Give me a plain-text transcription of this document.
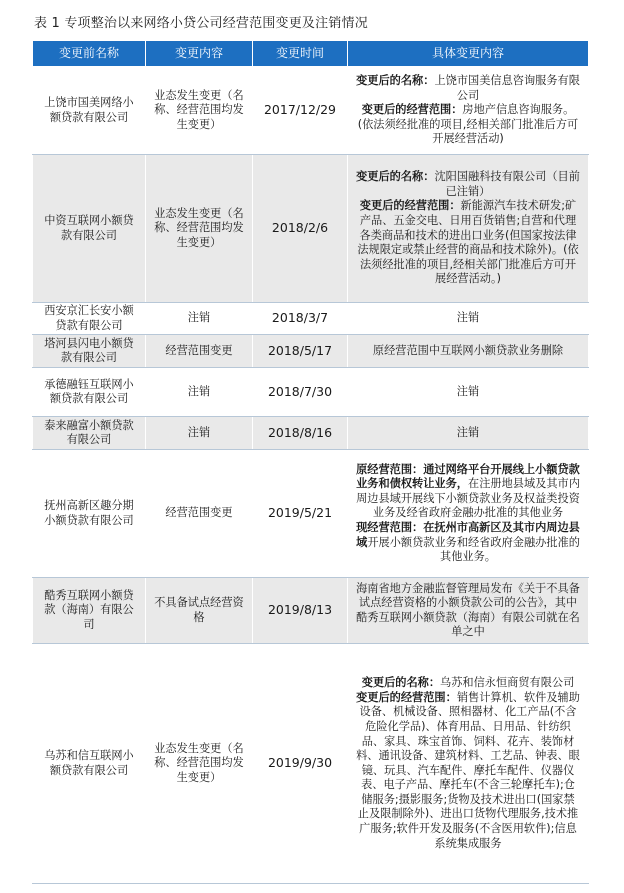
表 1 专项整治以来网络小贷公司经营范围变更及注销情况
变更前名称	变更内容	变更时间	具体变更内容
上饶市国美网络小额贷款有限公司	业态发生变更（名称、经营范围均发生变更）	2017/12/29	变更后的名称：上饶市国美信息咨询服务有限公司
变更后的经营范围：房地产信息咨询服务。(依法须经批准的项目,经相关部门批准后方可开展经营活动)

中资互联网小额贷款有限公司	业态发生变更（名称、经营范围均发生变更）	2018/2/6	变更后的名称：沈阳国融科技有限公司（目前已注销）
变更后的经营范围：新能源汽车技术研发;矿产品、五金交电、日用百货销售;自营和代理各类商品和技术的进出口业务(但国家按法律法规限定或禁止经营的商品和技术除外)。(依法须经批准的项目,经相关部门批准后方可开展经营活动。)

西安京汇长安小额贷款有限公司	注销	2018/3/7	注销

塔河县闪电小额贷款有限公司	经营范围变更	2018/5/17	原经营范围中互联网小额贷款业务删除

承德融钰互联网小额贷款有限公司	注销	2018/7/30	注销

泰来融富小额贷款有限公司	注销	2018/8/16	注销

抚州高新区趣分期小额贷款有限公司	经营范围变更	2019/5/21	原经营范围：通过网络平台开展线上小额贷款业务和债权转让业务，在注册地县域及其市内周边县域开展线下小额贷款业务及权益类投资业务及经省政府金融办批准的其他业务
现经营范围：在抚州市高新区及其市内周边县域开展小额贷款业务和经省政府金融办批准的其他业务。

酷秀互联网小额贷款（海南）有限公司	不具备试点经营资格	2019/8/13	海南省地方金融监督管理局发布《关于不具备试点经营资格的小额贷款公司的公告》，其中酷秀互联网小额贷款（海南）有限公司就在名单之中

乌苏和信互联网小额贷款有限公司	业态发生变更（名称、经营范围均发生变更）	2019/9/30	变更后的名称：乌苏和信永恒商贸有限公司
变更后的经营范围：销售计算机、软件及辅助设备、机械设备、照相器材、化工产品(不含危险化学品)、体育用品、日用品、针纺织品、家具、珠宝首饰、饲料、花卉、装饰材料、通讯设备、建筑材料、工艺品、钟表、眼镜、玩具、汽车配件、摩托车配件、仪器仪表、电子产品、摩托车(不含三轮摩托车);仓储服务;摄影服务;货物及技术进出口(国家禁止及限制除外)、进出口货物代理服务,技术推广服务;软件开发及服务(不含医用软件);信息系统集成服务
